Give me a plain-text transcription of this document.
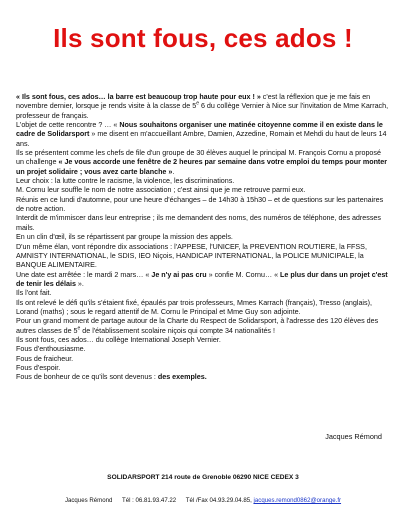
Ils sont fous, ces ados !

« Ils sont fous, ces ados… la barre est beaucoup trop haute pour eux ! » c'est la réflexion que je me fais en novembre dernier, lorsque je rends visite à la classe de 5e 6 du collège Vernier à Nice sur l'invitation de Mme Karrach, professeur de français.

L'objet de cette rencontre ? … « Nous souhaitons organiser une matinée citoyenne comme il en existe dans le cadre de Solidarsport » me disent en m'accueillant Ambre, Damien, Azzedine, Romain et Mehdi du haut de leurs 14 ans.

Ils se présentent comme les chefs de file d'un groupe de 30 élèves auquel le principal M. François Cornu a proposé un challenge « Je vous accorde une fenêtre de 2 heures par semaine dans votre emploi du temps pour monter un projet solidaire ; vous avez carte blanche ».

Leur choix : la lutte contre le racisme, la violence, les discriminations.

M. Cornu leur souffle le nom de notre association ; c'est ainsi que je me retrouve parmi eux.

Réunis en ce lundi d'automne, pour une heure d'échanges – de 14h30 à 15h30 – et de questions sur les partenaires de notre action.

Interdit de m'immiscer dans leur entreprise ; ils me demandent des noms, des numéros de téléphone, des adresses mails.

En un clin d'œil, ils se répartissent par groupe la mission des appels.

D'un même élan, vont répondre dix associations : l'APPESE, l'UNICEF, la PREVENTION ROUTIERE, la FFSS, AMNISTY INTERNATIONAL, le SDIS, IEO Niçois, HANDICAP INTERNATIONAL, la POLICE MUNICIPALE, la BANQUE ALIMENTAIRE.

Une date est arrêtée : le mardi 2 mars… « Je n'y ai pas cru » confie M. Cornu… « Le plus dur dans un projet c'est de tenir les délais ».

Ils l'ont fait.

Ils ont relevé le défi qu'ils s'étaient fixé, épaulés par trois professeurs, Mmes Karrach (français), Tresso (anglais), Lorand (maths) ; sous le regard attentif de M. Cornu le Principal et Mme Guy son adjointe.

Pour un grand moment de partage autour de la Charte du Respect de Solidarsport, à l'adresse des 120 élèves des autres classes de 5e de l'établissement scolaire niçois qui compte 34 nationalités !

Ils sont fous, ces ados… du collège International Joseph Vernier.

Fous d'enthousiasme.

Fous de fraicheur.

Fous d'espoir.

Fous de bonheur de ce qu'ils sont devenus : des exemples.

Jacques Rémond
SOLIDARSPORT 214 route de Grenoble 06290 NICE CEDEX 3
Jacques Rémond Tél : 06.81.93.47.22 Tél /Fax 04.93.29.04.85, jacques.remond0862@orange.fr
